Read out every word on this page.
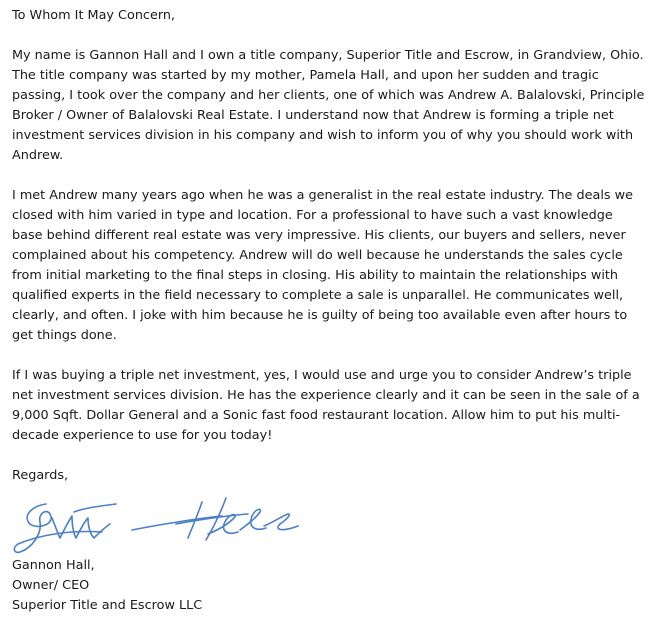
To Whom It May Concern,

My name is Gannon Hall and I own a title company, Superior Title and Escrow, in Grandview, Ohio. The title company was started by my mother, Pamela Hall, and upon her sudden and tragic passing, I took over the company and her clients, one of which was Andrew A. Balalovski, Principle Broker / Owner of Balalovski Real Estate. I understand now that Andrew is forming a triple net investment services division in his company and wish to inform you of why you should work with Andrew.

I met Andrew many years ago when he was a generalist in the real estate industry. The deals we closed with him varied in type and location. For a professional to have such a vast knowledge base behind different real estate was very impressive. His clients, our buyers and sellers, never complained about his competency. Andrew will do well because he understands the sales cycle from initial marketing to the final steps in closing. His ability to maintain the relationships with qualified experts in the field necessary to complete a sale is unparallel. He communicates well, clearly, and often. I joke with him because he is guilty of being too available even after hours to get things done.

If I was buying a triple net investment, yes, I would use and urge you to consider Andrew’s triple net investment services division. He has the experience clearly and it can be seen in the sale of a 9,000 Sqft. Dollar General and a Sonic fast food restaurant location. Allow him to put his multi-decade experience to use for you today!

Regards,

Gannon Hall,
Owner/ CEO
Superior Title and Escrow LLC
